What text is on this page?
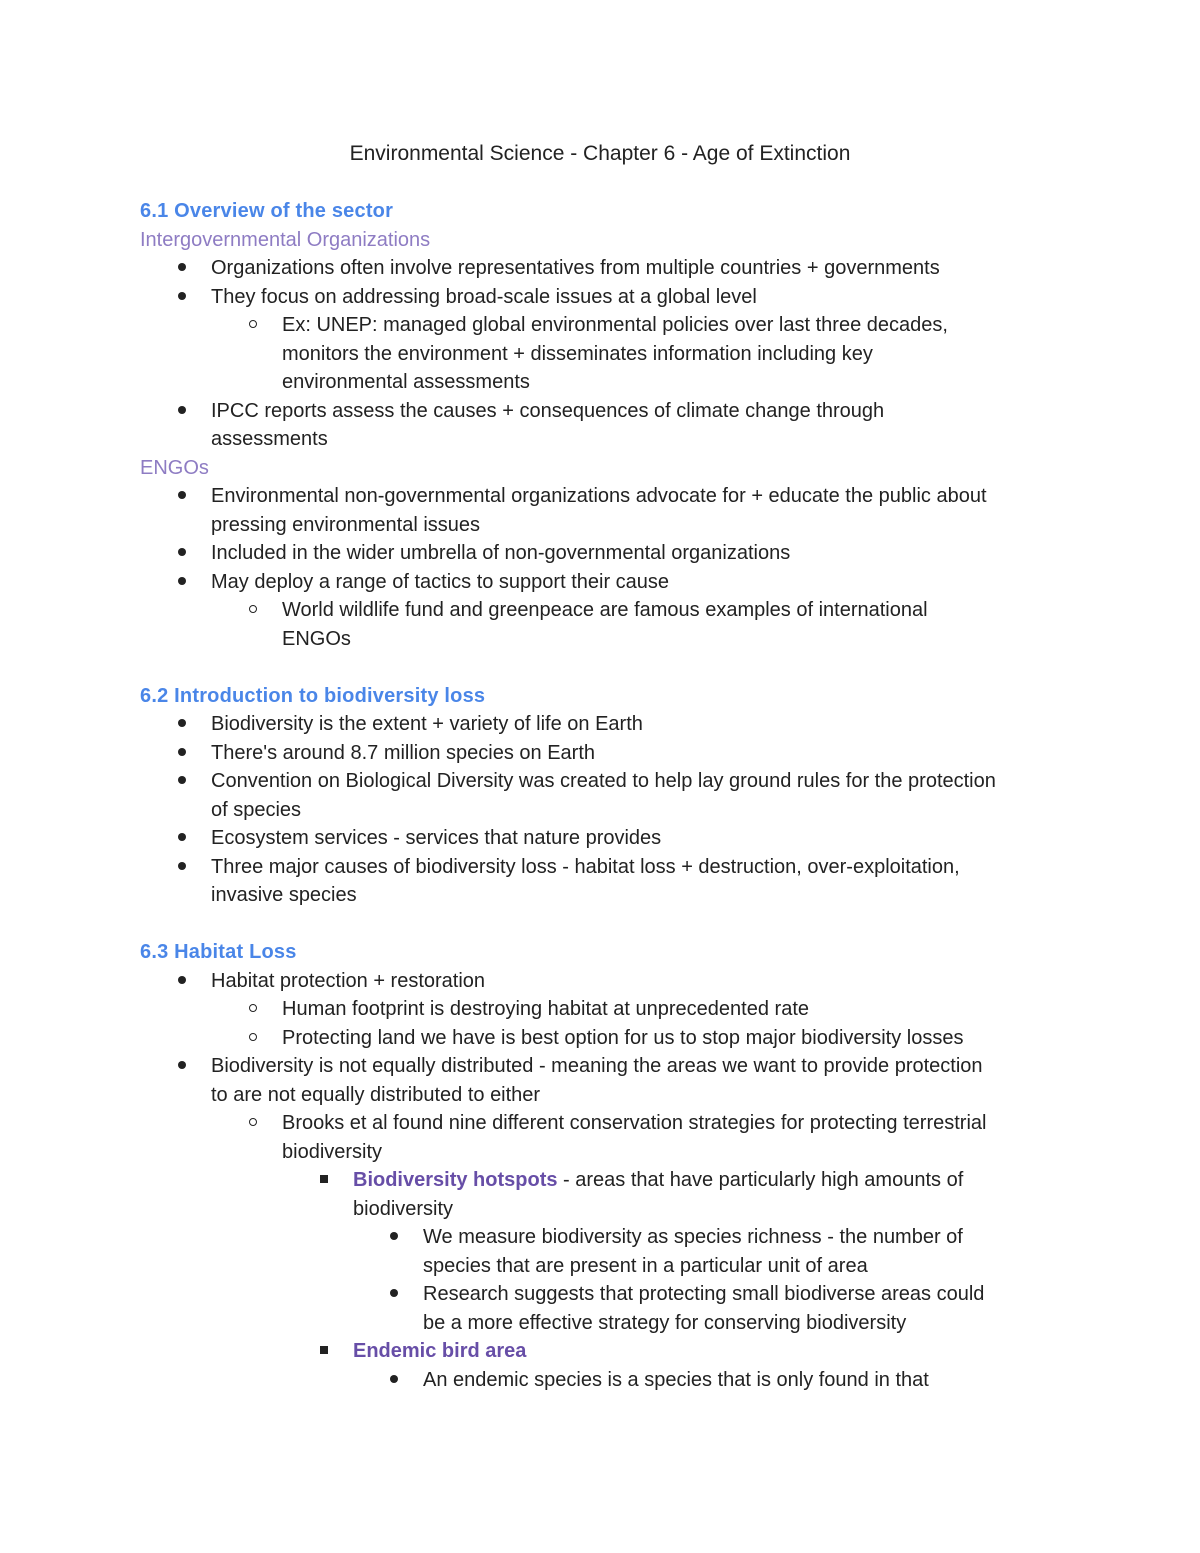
Environmental Science - Chapter 6 - Age of Extinction
6.1 Overview of the sector
Intergovernmental Organizations
Organizations often involve representatives from multiple countries + governments
They focus on addressing broad-scale issues at a global level
Ex: UNEP: managed global environmental policies over last three decades,
monitors the environment + disseminates information including key
environmental assessments
IPCC reports assess the causes + consequences of climate change through
assessments
ENGOs
Environmental non-governmental organizations advocate for + educate the public about
pressing environmental issues
Included in the wider umbrella of non-governmental organizations
May deploy a range of tactics to support their cause
World wildlife fund and greenpeace are famous examples of international
ENGOs
6.2 Introduction to biodiversity loss
Biodiversity is the extent + variety of life on Earth
There's around 8.7 million species on Earth
Convention on Biological Diversity was created to help lay ground rules for the protection
of species
Ecosystem services - services that nature provides
Three major causes of biodiversity loss - habitat loss + destruction, over-exploitation,
invasive species
6.3 Habitat Loss
Habitat protection + restoration
Human footprint is destroying habitat at unprecedented rate
Protecting land we have is best option for us to stop major biodiversity losses
Biodiversity is not equally distributed - meaning the areas we want to provide protection
to are not equally distributed to either
Brooks et al found nine different conservation strategies for protecting terrestrial
biodiversity
Biodiversity hotspots - areas that have particularly high amounts of
biodiversity
We measure biodiversity as species richness - the number of
species that are present in a particular unit of area
Research suggests that protecting small biodiverse areas could
be a more effective strategy for conserving biodiversity
Endemic bird area
An endemic species is a species that is only found in that
